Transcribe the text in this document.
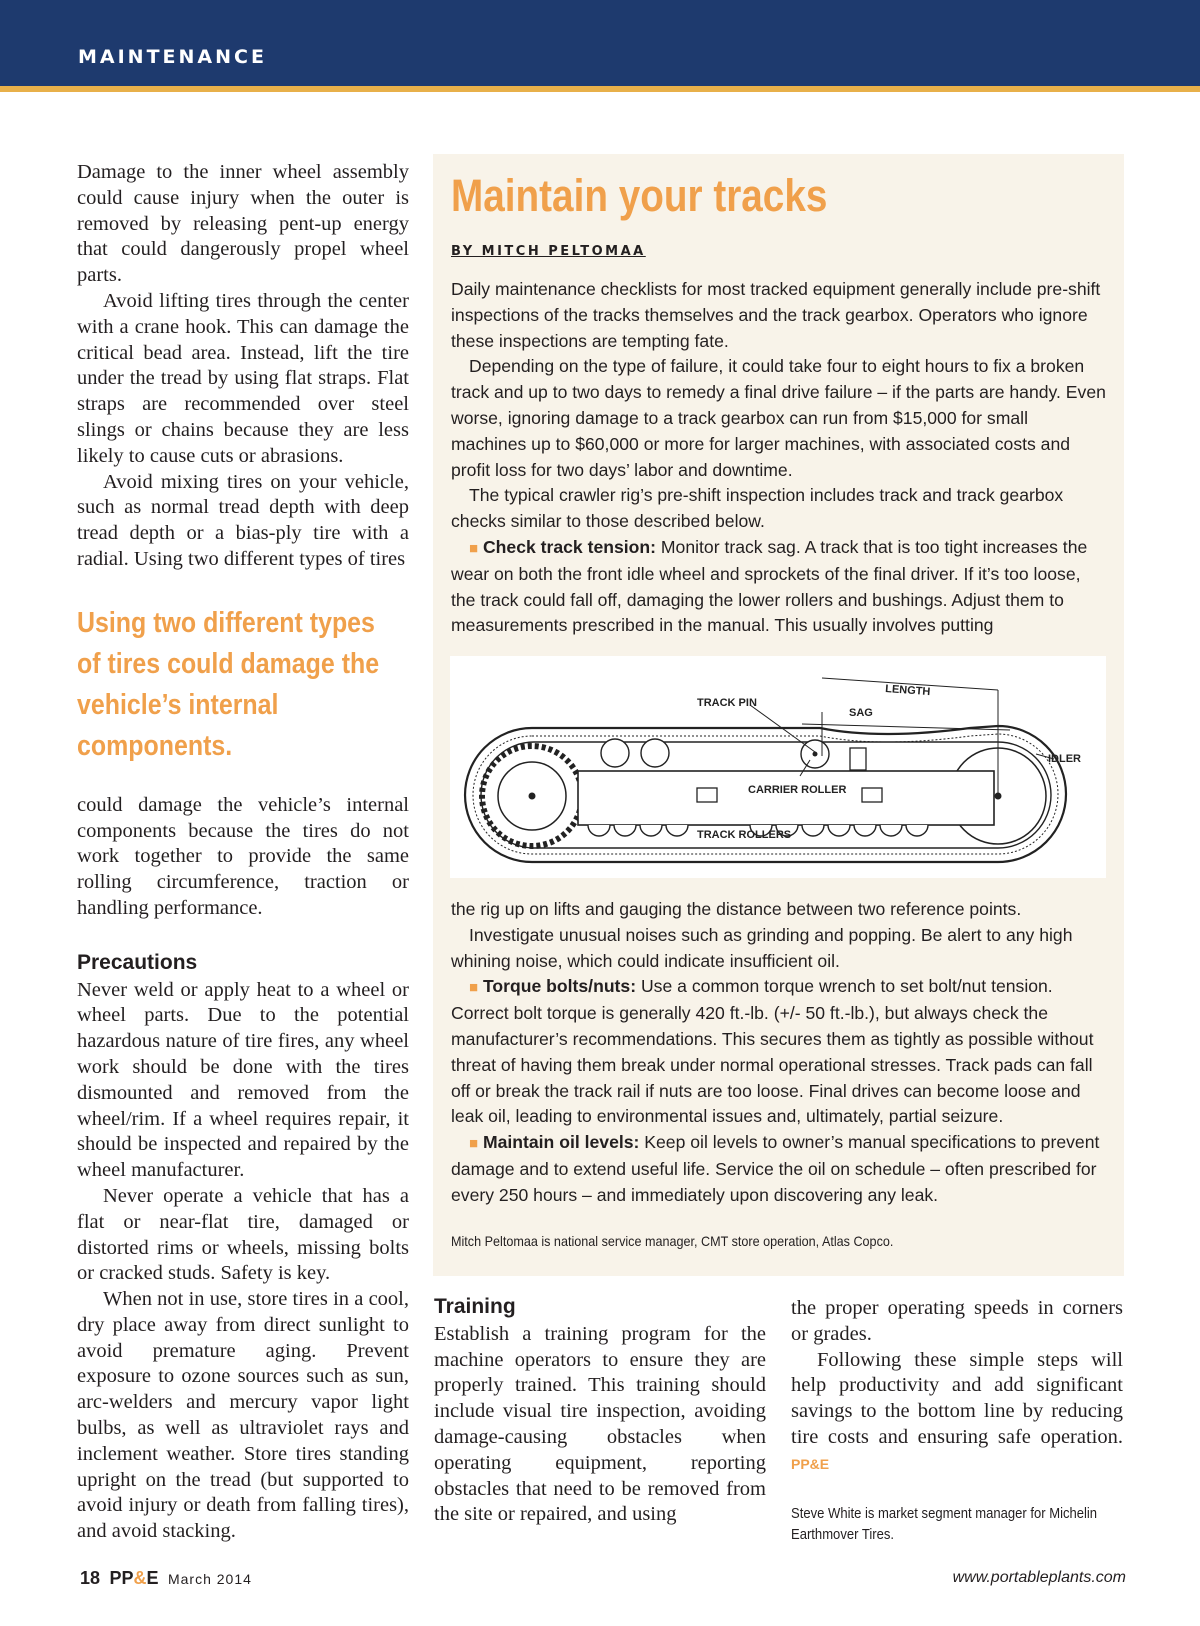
MAINTENANCE

Damage to the inner wheel assembly could cause injury when the outer is removed by releasing pent-up energy that could dangerously propel wheel parts.

Avoid lifting tires through the center with a crane hook. This can damage the critical bead area. Instead, lift the tire under the tread by using flat straps. Flat straps are recommended over steel slings or chains because they are less likely to cause cuts or abrasions.

Avoid mixing tires on your vehicle, such as normal tread depth with deep tread depth or a bias-ply tire with a radial. Using two different types of tires

Using two different types of tires could damage the vehicle’s internal components.

could damage the vehicle’s internal components because the tires do not work together to provide the same rolling circumference, traction or handling performance.

Precautions

Never weld or apply heat to a wheel or wheel parts. Due to the potential hazardous nature of tire fires, any wheel work should be done with the tires dismounted and removed from the wheel/rim. If a wheel requires repair, it should be inspected and repaired by the wheel manufacturer.

Never operate a vehicle that has a flat or near-flat tire, damaged or distorted rims or wheels, missing bolts or cracked studs. Safety is key.

When not in use, store tires in a cool, dry place away from direct sunlight to avoid premature aging. Prevent exposure to ozone sources such as sun, arc-welders and mercury vapor light bulbs, as well as ultraviolet rays and inclement weather. Store tires standing upright on the tread (but supported to avoid injury or death from falling tires), and avoid stacking.

Maintain your tracks
BY MITCH PELTOMAA

Daily maintenance checklists for most tracked equipment generally include pre-shift inspections of the tracks themselves and the track gearbox. Operators who ignore these inspections are tempting fate.

Depending on the type of failure, it could take four to eight hours to fix a broken track and up to two days to remedy a final drive failure – if the parts are handy. Even worse, ignoring damage to a track gearbox can run from $15,000 for small machines up to $60,000 or more for larger machines, with associated costs and profit loss for two days’ labor and downtime.

The typical crawler rig’s pre-shift inspection includes track and track gearbox checks similar to those described below.

■ Check track tension: Monitor track sag. A track that is too tight increases the wear on both the front idle wheel and sprockets of the final driver. If it’s too loose, the track could fall off, damaging the lower rollers and bushings. Adjust them to measurements prescribed in the manual. This usually involves putting

TRACK PIN
LENGTH
SAG
IDLER
CARRIER ROLLER
TRACK ROLLERS

the rig up on lifts and gauging the distance between two reference points.

Investigate unusual noises such as grinding and popping. Be alert to any high whining noise, which could indicate insufficient oil.

■ Torque bolts/nuts: Use a common torque wrench to set bolt/nut tension. Correct bolt torque is generally 420 ft.-lb. (+/- 50 ft.-lb.), but always check the manufacturer’s recommendations. This secures them as tightly as possible without threat of having them break under normal operational stresses. Track pads can fall off or break the track rail if nuts are too loose. Final drives can become loose and leak oil, leading to environmental issues and, ultimately, partial seizure.

■ Maintain oil levels: Keep oil levels to owner’s manual specifications to prevent damage and to extend useful life. Service the oil on schedule – often prescribed for every 250 hours – and immediately upon discovering any leak.

Mitch Peltomaa is national service manager, CMT store operation, Atlas Copco.
Training

Establish a training program for the machine operators to ensure they are properly trained. This training should include visual tire inspection, avoiding damage-causing obstacles when operating equipment, reporting obstacles that need to be removed from the site or repaired, and using

the proper operating speeds in corners or grades.

Following these simple steps will help productivity and add significant savings to the bottom line by reducing tire costs and ensuring safe operation. PP&E

Steve White is market segment manager for Michelin Earthmover Tires.
18 PP&E March 2014	www.portableplants.com
